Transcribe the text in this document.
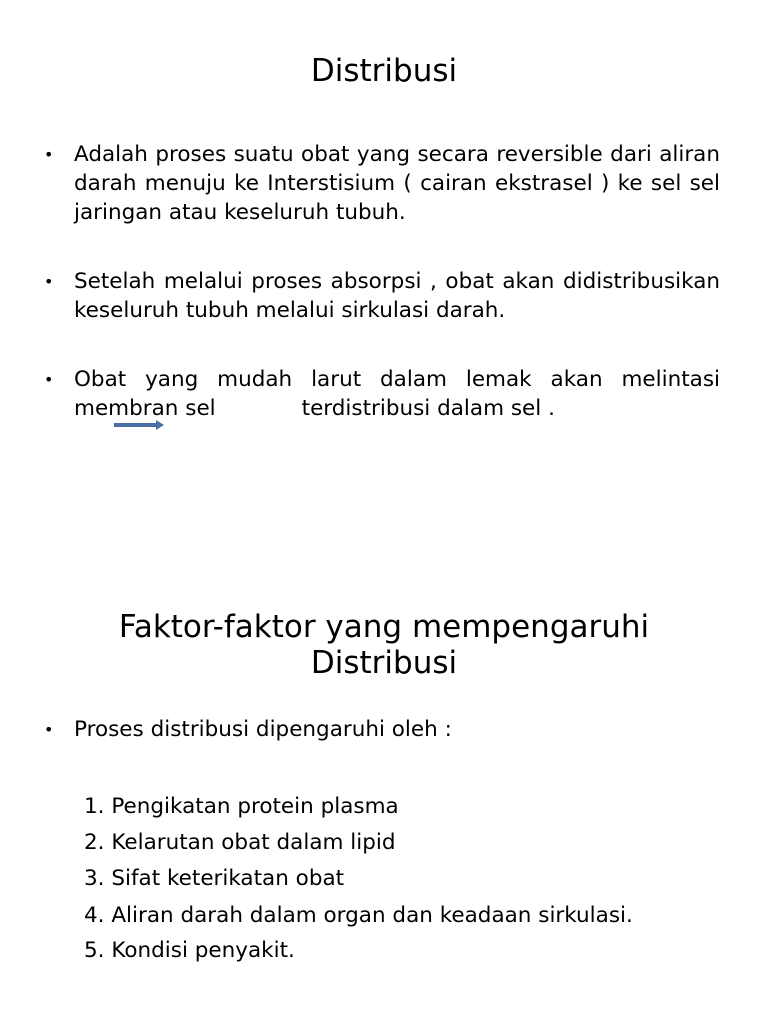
Distribusi
• Adalah proses suatu obat yang secara reversible dari aliran darah menuju ke Interstisium ( cairan ekstrasel ) ke sel sel jaringan atau keseluruh tubuh.
• Setelah melalui proses absorpsi , obat akan didistribusikan keseluruh tubuh melalui sirkulasi darah.
• Obat yang mudah larut dalam lemak akan melintasi
membran sel	terdistribusi dalam sel .
Faktor-faktor yang mempengaruhi
Distribusi
• Proses distribusi dipengaruhi oleh :
1. Pengikatan protein plasma
2. Kelarutan obat dalam lipid
3. Sifat keterikatan obat
4. Aliran darah dalam organ dan keadaan sirkulasi.
5. Kondisi penyakit.
